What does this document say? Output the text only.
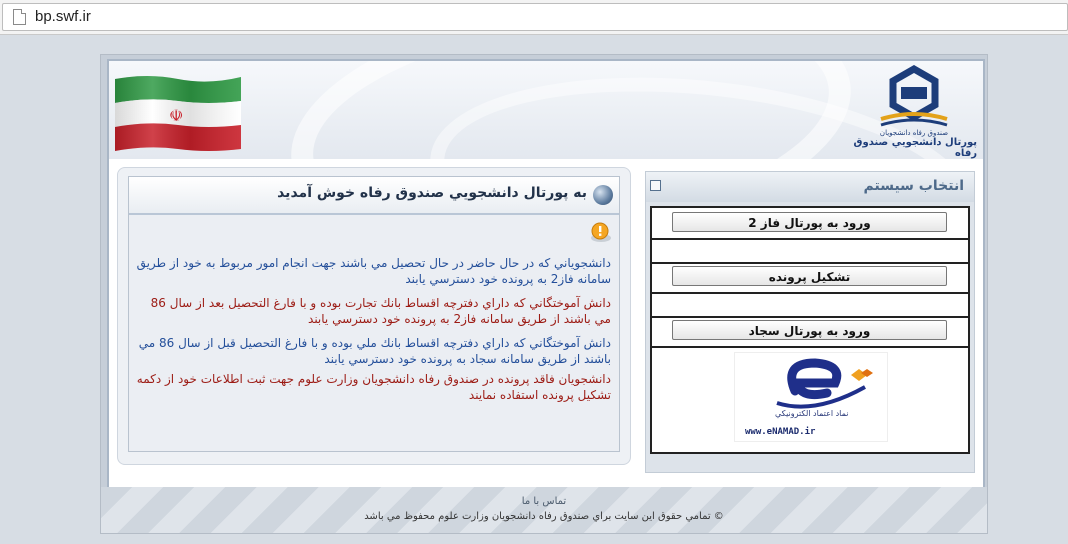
bp.swf.ir
☫
صندوق رفاه دانشجويان
پورتال دانشجويي صندوق رفاه
به پورتال دانشجويي صندوق رفاه خوش آمديد
دانشجوياني كه در حال حاضر در حال تحصيل مي باشند جهت انجام امور مربوط به خود از طريق سامانه فاز2 به پرونده خود دسترسي يابند
دانش آموختگاني كه داراي دفترچه اقساط بانك تجارت بوده و با فارغ التحصيل بعد از سال 86 مي باشند از طريق سامانه فاز2 به پرونده خود دسترسي يابند
دانش آموختگاني كه داراي دفترچه اقساط بانك ملي بوده و با فارغ التحصيل قبل از سال 86 مي باشند از طريق سامانه سجاد به پرونده خود دسترسي يابند
دانشجويان فاقد پرونده در صندوق رفاه دانشجويان وزارت علوم جهت ثبت اطلاعات خود از دكمه تشكيل پرونده استفاده نمايند
انتخاب سيستم
ورود به پورتال فاز 2
تشكيل پرونده
ورود به پورتال سجاد
نماد اعتماد الكترونيكي
www.eNAMAD.ir
تماس با ما
© تمامي حقوق اين سايت براي صندوق رفاه دانشجويان وزارت علوم محفوظ مي باشد
